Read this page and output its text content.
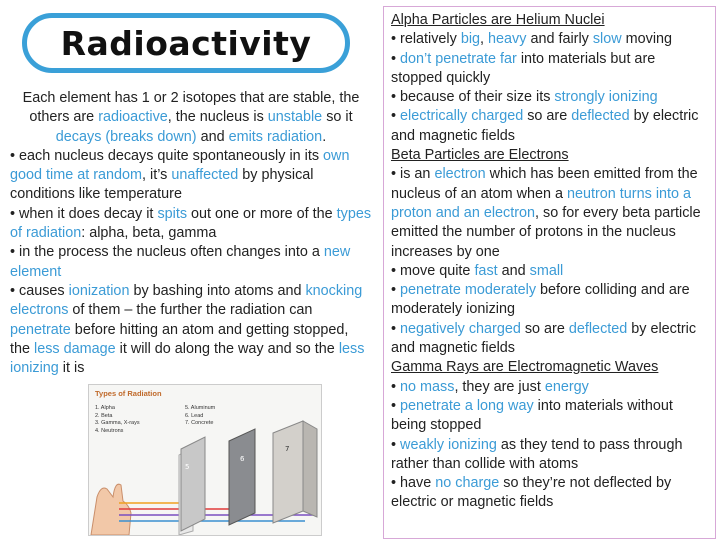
Radioactivity

Each element has 1 or 2 isotopes that are stable, the others are radioactive, the nucleus is unstable so it decays (breaks down) and emits radiation.

• each nucleus decays quite spontaneously in its own good time at random, it’s unaffected by physical conditions like temperature

• when it does decay it spits out one or more of the types of radiation: alpha, beta, gamma

• in the process the nucleus often changes into a new element

• causes ionization by bashing into atoms and knocking electrons of them – the further the radiation can penetrate before hitting an atom and getting stopped, the less damage it will do along the way and so the less ionizing it is

Types of Radiation
1. Alpha
2. Beta
3. Gamma, X-rays
4. Neutrons
5. Aluminum
6. Lead
7. Concrete
5
6
7

Alpha Particles are Helium Nuclei

• relatively big, heavy and fairly slow moving

• don’t penetrate far into materials but are stopped quickly

• because of their size its strongly ionizing

• electrically charged so are deflected by electric and magnetic fields

Beta Particles are Electrons

• is an electron which has been emitted from the nucleus of an atom when a neutron turns into a proton and an electron, so for every beta particle emitted the number of protons in the nucleus increases by one

• move quite fast and small

• penetrate moderately before colliding and are moderately ionizing

• negatively charged so are deflected by electric and magnetic fields

Gamma Rays are Electromagnetic Waves

• no mass, they are just energy

• penetrate a long way into materials without being stopped

• weakly ionizing as they tend to pass through rather than collide with atoms

• have no charge so they’re not deflected by electric or magnetic fields
